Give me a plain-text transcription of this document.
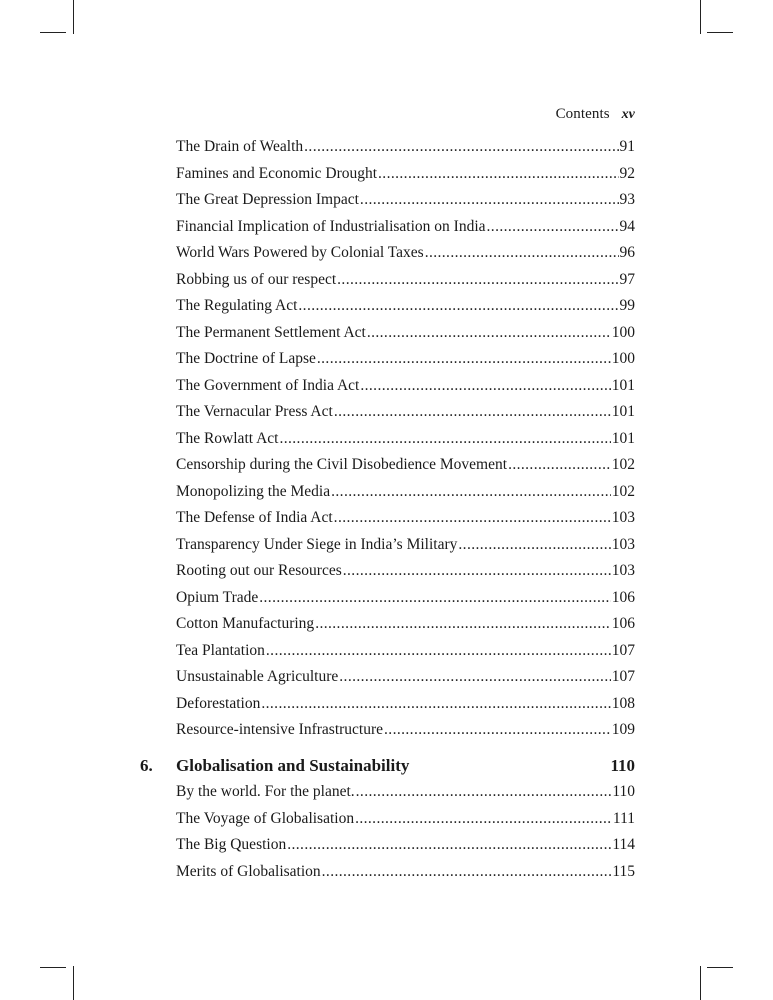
Contents xv
The Drain of Wealth .....	91
Famines and Economic Drought .....	92
The Great Depression Impact .....	93
Financial Implication of Industrialisation on India .....	94
World Wars Powered by Colonial Taxes .....	96
Robbing us of our respect .....	97
The Regulating Act .....	99
The Permanent Settlement Act .....	100
The Doctrine of Lapse .....	100
The Government of India Act .....	101
The Vernacular Press Act .....	101
The Rowlatt Act .....	101
Censorship during the Civil Disobedience Movement .....	102
Monopolizing the Media .....	102
The Defense of India Act .....	103
Transparency Under Siege in India’s Military .....	103
Rooting out our Resources .....	103
Opium Trade .....	106
Cotton Manufacturing .....	106
Tea Plantation .....	107
Unsustainable Agriculture .....	107
Deforestation .....	108
Resource-intensive Infrastructure .....	109
6.	Globalisation and Sustainability	110
By the world. For the planet. .....	110
The Voyage of Globalisation .....	111
The Big Question .....	114
Merits of Globalisation .....	115
